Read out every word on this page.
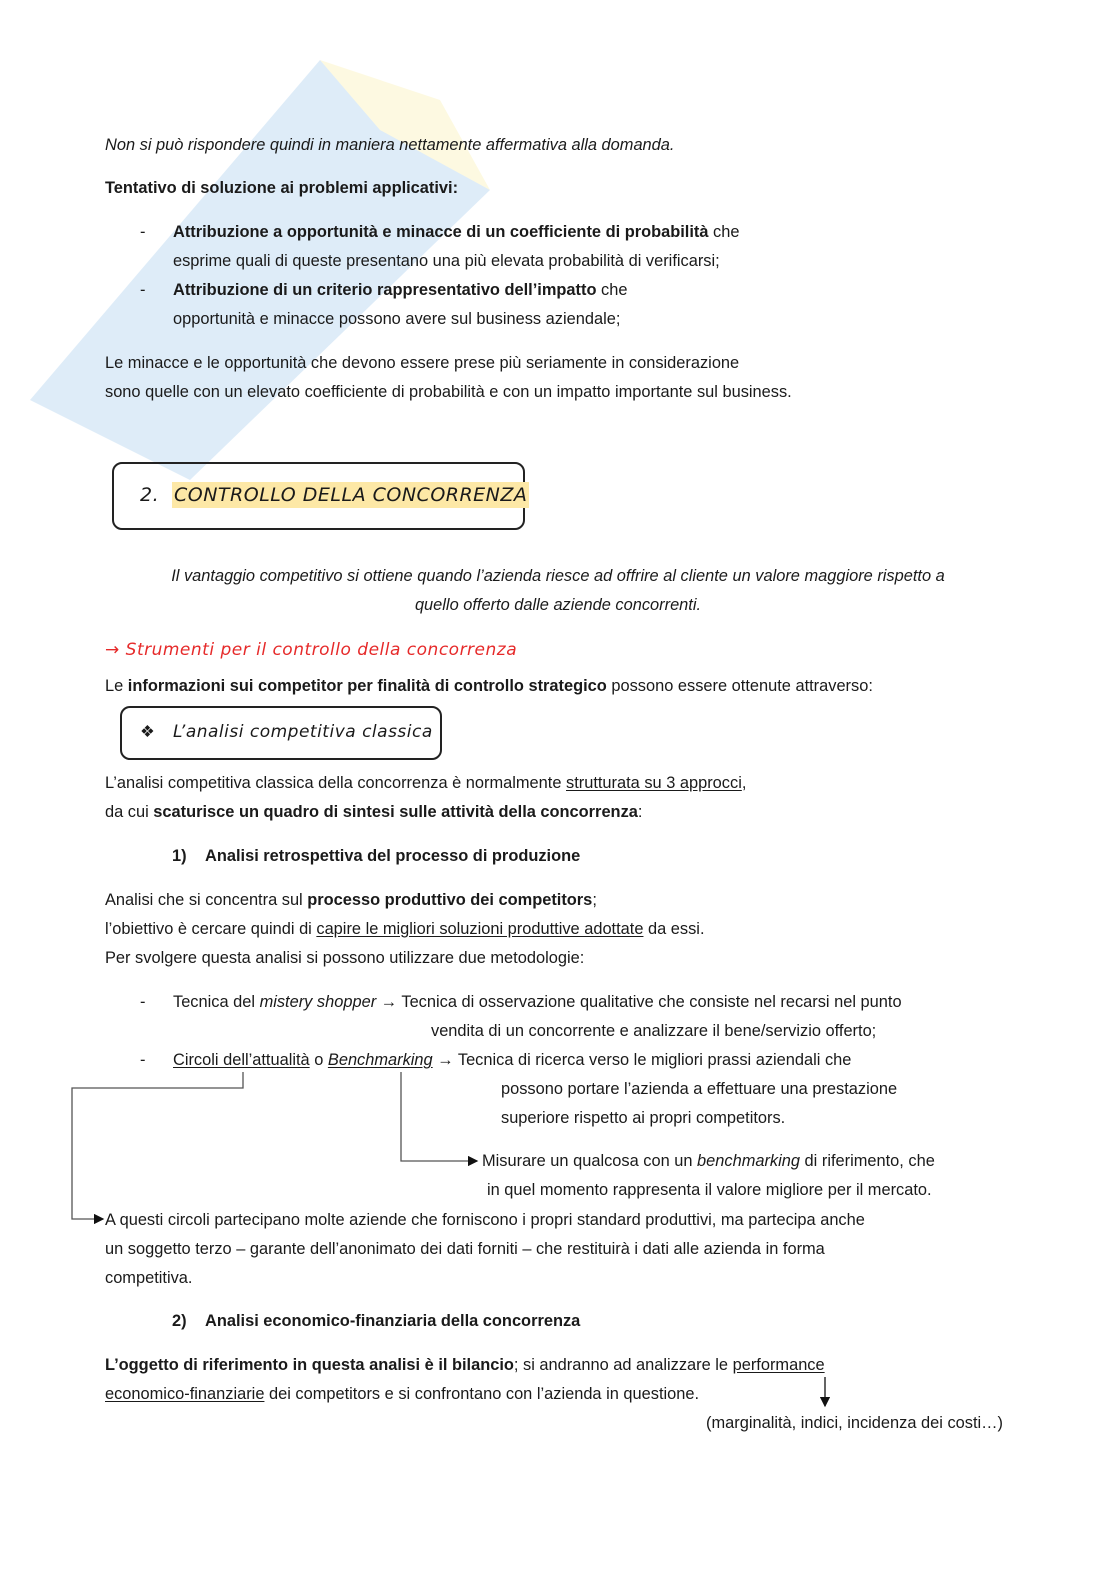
Non si può rispondere quindi in maniera nettamente affermativa alla domanda.
Tentativo di soluzione ai problemi applicativi:
- Attribuzione a opportunità e minacce di un coefficiente di probabilità che
esprime quali di queste presentano una più elevata probabilità di verificarsi;
- Attribuzione di un criterio rappresentativo dell’impatto che
opportunità e minacce possono avere sul business aziendale;
Le minacce e le opportunità che devono essere prese più seriamente in considerazione
sono quelle con un elevato coefficiente di probabilità e con un impatto importante sul business.
2. CONTROLLO DELLA CONCORRENZA
Il vantaggio competitivo si ottiene quando l’azienda riesce ad offrire al cliente un valore maggiore rispetto a
quello offerto dalle aziende concorrenti.
→ Strumenti per il controllo della concorrenza
Le informazioni sui competitor per finalità di controllo strategico possono essere ottenute attraverso:
❖ L’analisi competitiva classica
L’analisi competitiva classica della concorrenza è normalmente strutturata su 3 approcci,
da cui scaturisce un quadro di sintesi sulle attività della concorrenza:
1) Analisi retrospettiva del processo di produzione
Analisi che si concentra sul processo produttivo dei competitors;
l’obiettivo è cercare quindi di capire le migliori soluzioni produttive adottate da essi.
Per svolgere questa analisi si possono utilizzare due metodologie:
- Tecnica del mistery shopper → Tecnica di osservazione qualitative che consiste nel recarsi nel punto
vendita di un concorrente e analizzare il bene/servizio offerto;
- Circoli dell’attualità o Benchmarking → Tecnica di ricerca verso le migliori prassi aziendali che
possono portare l’azienda a effettuare una prestazione
superiore rispetto ai propri competitors.
Misurare un qualcosa con un benchmarking di riferimento, che
in quel momento rappresenta il valore migliore per il mercato.
A questi circoli partecipano molte aziende che forniscono i propri standard produttivi, ma partecipa anche
un soggetto terzo – garante dell’anonimato dei dati forniti – che restituirà i dati alle azienda in forma
competitiva.
2) Analisi economico-finanziaria della concorrenza
L’oggetto di riferimento in questa analisi è il bilancio; si andranno ad analizzare le performance
economico-finanziarie dei competitors e si confrontano con l’azienda in questione.
(marginalità, indici, incidenza dei costi…)
